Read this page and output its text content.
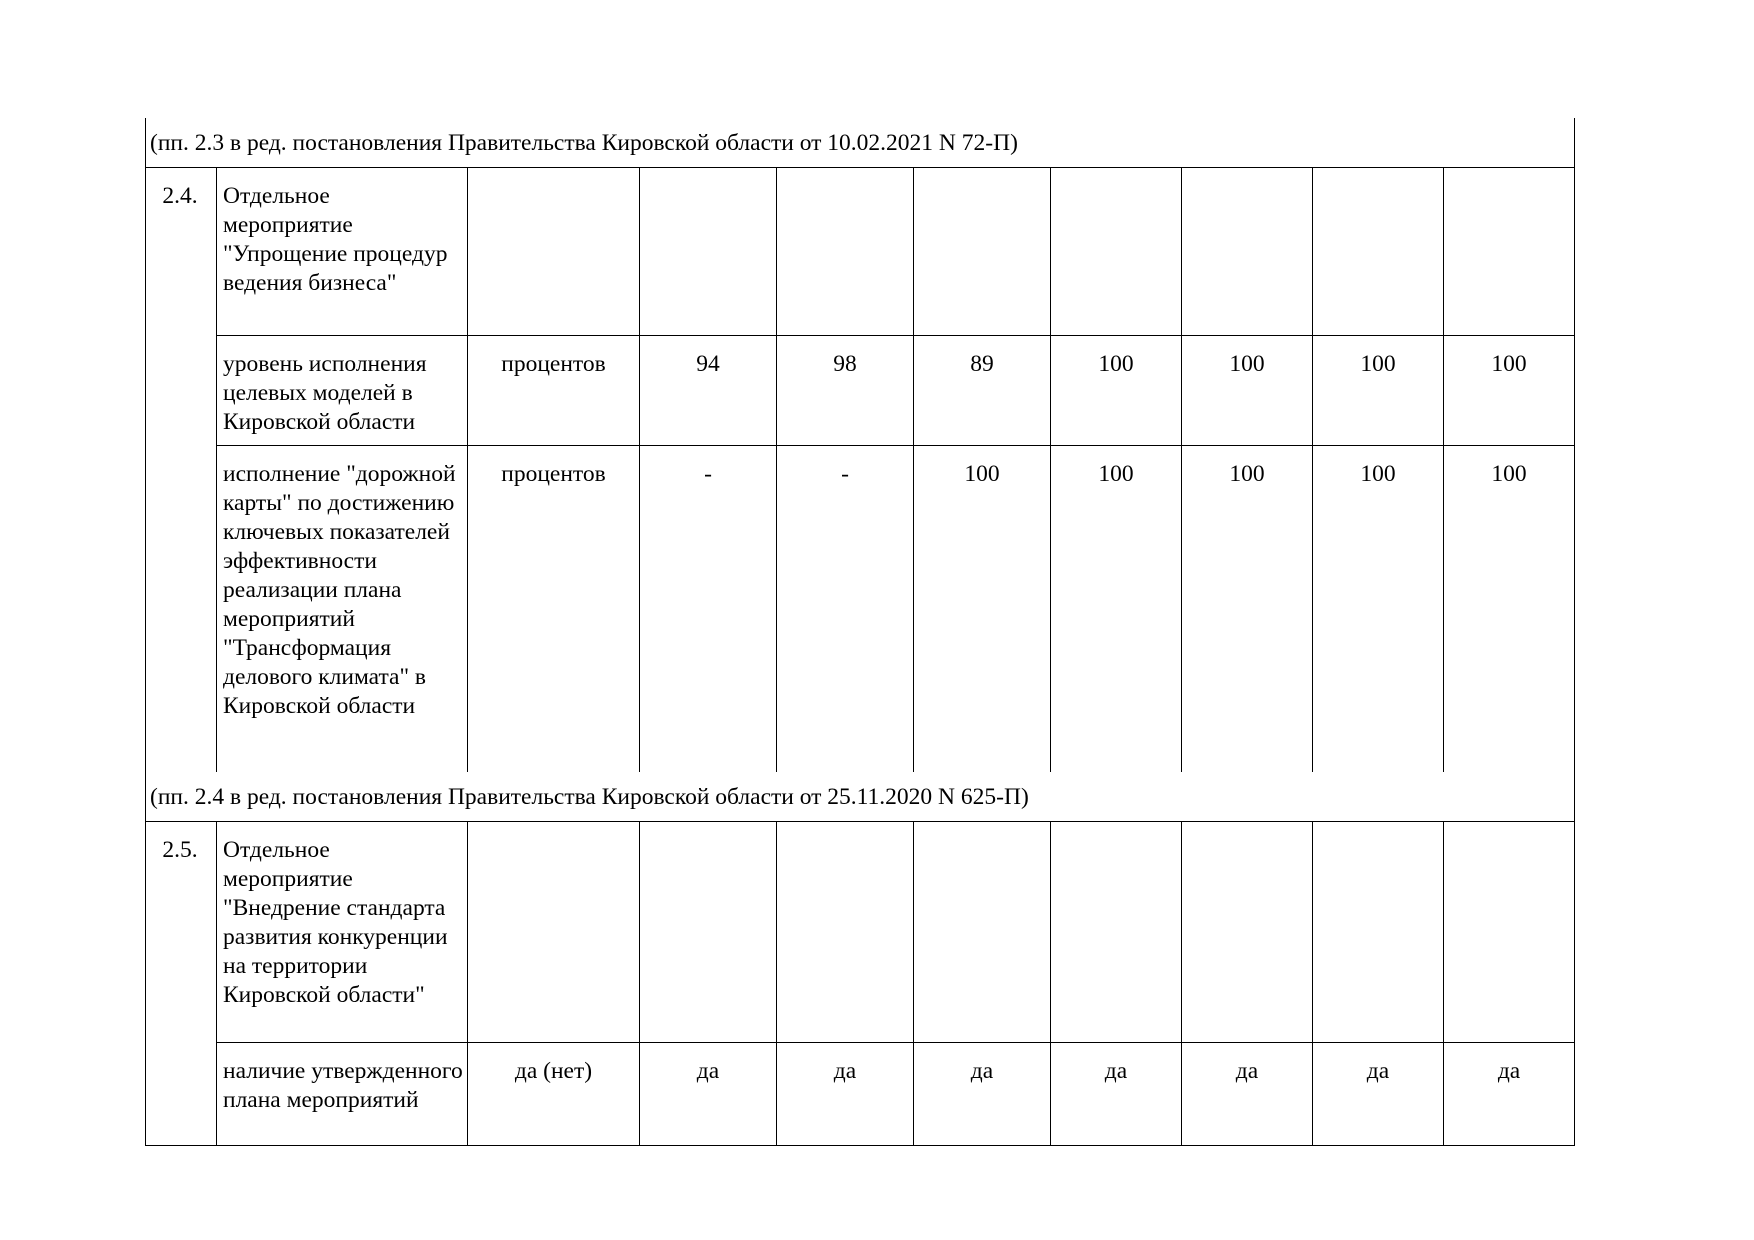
(пп. 2.3 в ред. постановления Правительства Кировской области от 10.02.2021 N 72-П)									
2.4.	Отдельное мероприятие "Упрощение процедур ведения бизнеса"								
	уровень исполнения целевых моделей в Кировской области	процентов	94	98	89	100	100	100	100
	исполнение "дорожной карты" по достижению ключевых показателей эффективности реализации плана мероприятий "Трансформация делового климата" в Кировской области	процентов	-	-	100	100	100	100	100
(пп. 2.4 в ред. постановления Правительства Кировской области от 25.11.2020 N 625-П)									
2.5.	Отдельное мероприятие "Внедрение стандарта развития конкуренции на территории Кировской области"								
	наличие утвержденного плана мероприятий	да (нет)	да	да	да	да	да	да	да
